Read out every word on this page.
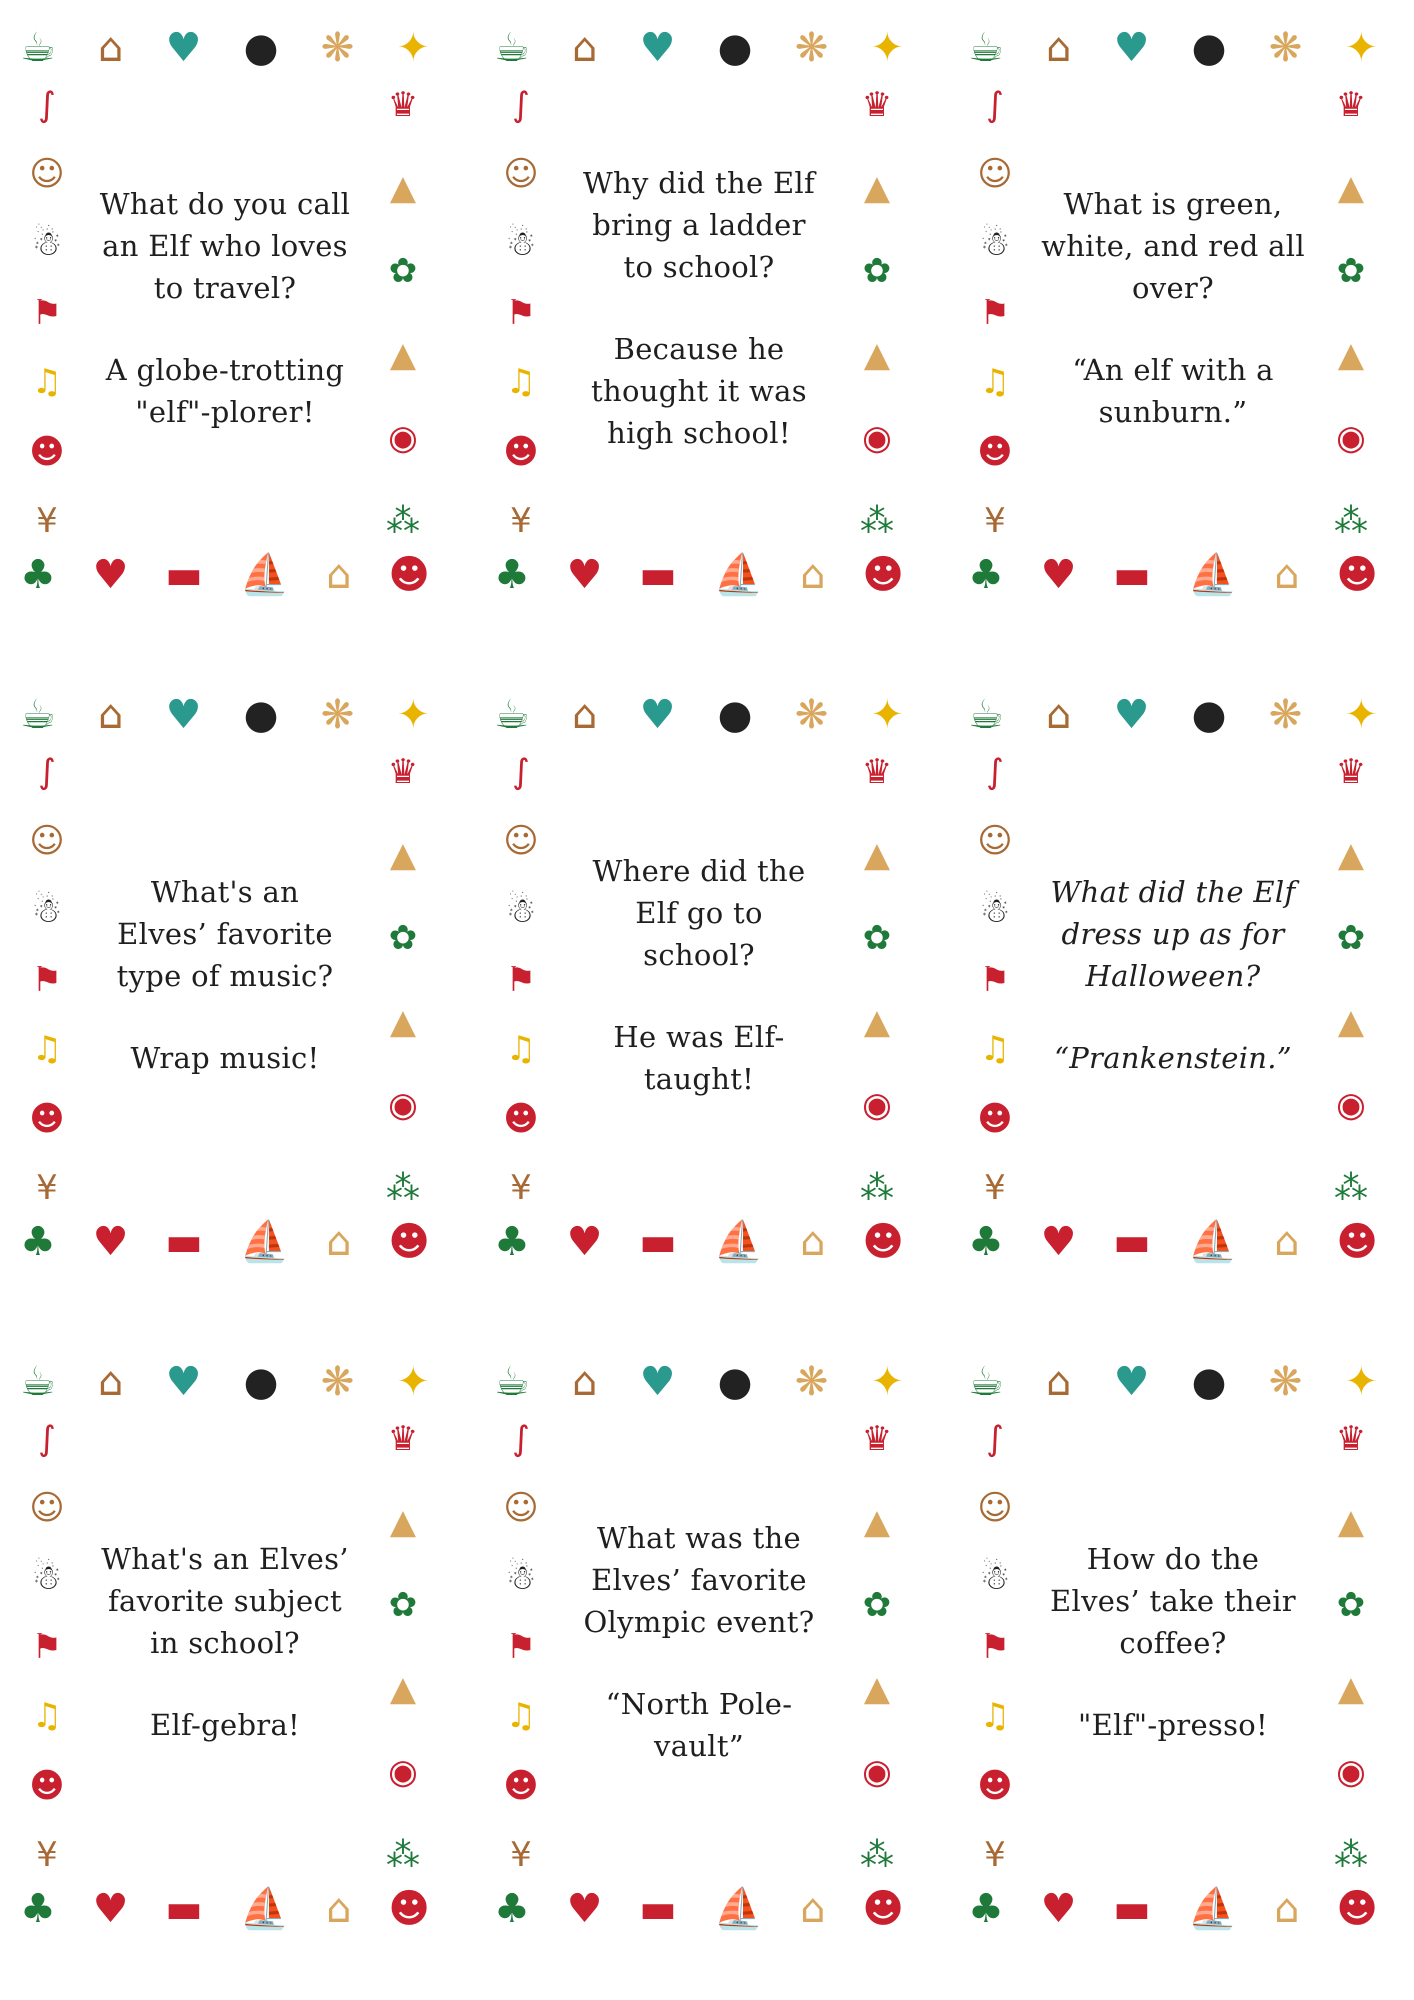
☕ ⌂ ♥ ● ❋ ✦
∫
☺
☃
⚑
♫
☻
¥
♛
▲
✿
▲
◉
⁂
♣ ♥ ▬ ⛵ ⌂ ☻

What do you call
an Elf who loves
to travel?

A globe-trotting
"elf"-plorer!

☕ ⌂ ♥ ● ❋ ✦
∫
☺
☃
⚑
♫
☻
¥
♛
▲
✿
▲
◉
⁂
♣ ♥ ▬ ⛵ ⌂ ☻

Why did the Elf
bring a ladder
to school?

Because he
thought it was
high school!

☕ ⌂ ♥ ● ❋ ✦
∫
☺
☃
⚑
♫
☻
¥
♛
▲
✿
▲
◉
⁂
♣ ♥ ▬ ⛵ ⌂ ☻

What is green,
white, and red all
over?

“An elf with a
sunburn.”

☕ ⌂ ♥ ● ❋ ✦
∫
☺
☃
⚑
♫
☻
¥
♛
▲
✿
▲
◉
⁂
♣ ♥ ▬ ⛵ ⌂ ☻

What's an
Elves’ favorite
type of music?

Wrap music!

☕ ⌂ ♥ ● ❋ ✦
∫
☺
☃
⚑
♫
☻
¥
♛
▲
✿
▲
◉
⁂
♣ ♥ ▬ ⛵ ⌂ ☻

Where did the
Elf go to
school?

He was Elf-
taught!

☕ ⌂ ♥ ● ❋ ✦
∫
☺
☃
⚑
♫
☻
¥
♛
▲
✿
▲
◉
⁂
♣ ♥ ▬ ⛵ ⌂ ☻

What did the Elf
dress up as for
Halloween?

“Prankenstein.”

☕ ⌂ ♥ ● ❋ ✦
∫
☺
☃
⚑
♫
☻
¥
♛
▲
✿
▲
◉
⁂
♣ ♥ ▬ ⛵ ⌂ ☻

What's an Elves’
favorite subject
in school?

Elf-gebra!

☕ ⌂ ♥ ● ❋ ✦
∫
☺
☃
⚑
♫
☻
¥
♛
▲
✿
▲
◉
⁂
♣ ♥ ▬ ⛵ ⌂ ☻

What was the
Elves’ favorite
Olympic event?

“North Pole-
vault”

☕ ⌂ ♥ ● ❋ ✦
∫
☺
☃
⚑
♫
☻
¥
♛
▲
✿
▲
◉
⁂
♣ ♥ ▬ ⛵ ⌂ ☻

How do the
Elves’ take their
coffee?

"Elf"-presso!
